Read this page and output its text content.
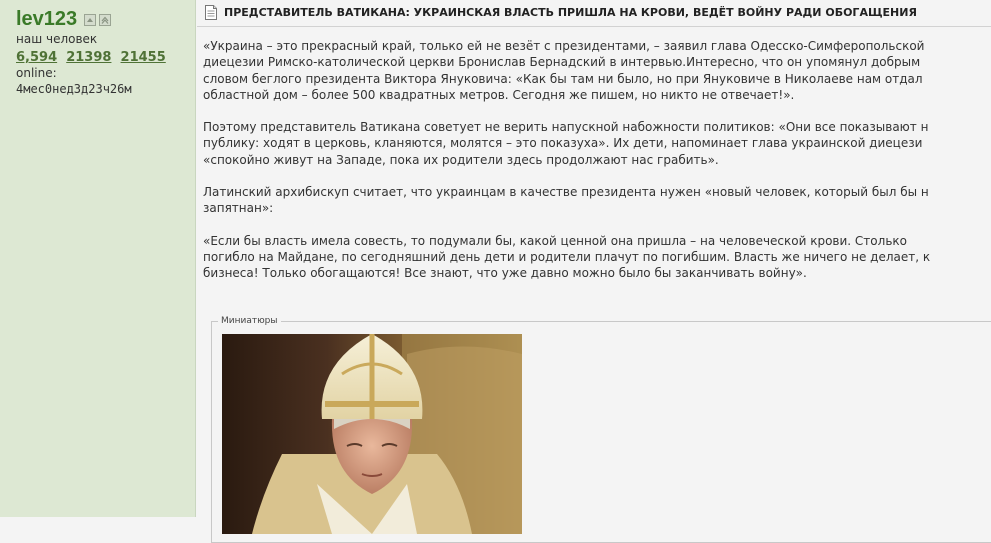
lev123
наш человек
6,594 21398 21455
online:
4мес0нед3д23ч26м
ПРЕДСТАВИТЕЛЬ ВАТИКАНА: УКРАИНСКАЯ ВЛАСТЬ ПРИШЛА НА КРОВИ, ВЕДЁТ ВОЙНУ РАДИ ОБОГАЩЕНИЯ

«Украина – это прекрасный край, только ей не везёт с президентами, – заявил глава Одесско-Симферопольской
диецезии Римско-католической церкви Бронислав Бернадский в интервью.Интересно, что он упомянул добрым
словом беглого президента Виктора Януковича: «Как бы там ни было, но при Януковиче в Николаеве нам отдал
областной дом – более 500 квадратных метров. Сегодня же пишем, но никто не отвечает!».

Поэтому представитель Ватикана советует не верить напускной набожности политиков: «Они все показывают н
публику: ходят в церковь, кланяются, молятся – это показуха». Их дети, напоминает глава украинской диецези
«спокойно живут на Западе, пока их родители здесь продолжают нас грабить».

Латинский архибискуп считает, что украинцам в качестве президента нужен «новый человек, который был бы н
запятнан»:

«Если бы власть имела совесть, то подумали бы, какой ценной она пришла – на человеческой крови. Столько
погибло на Майдане, по сегодняшний день дети и родители плачут по погибшим. Власть же ничего не делает, к
бизнеса! Только обогащаются! Все знают, что уже давно можно было бы заканчивать войну».

Миниатюры
